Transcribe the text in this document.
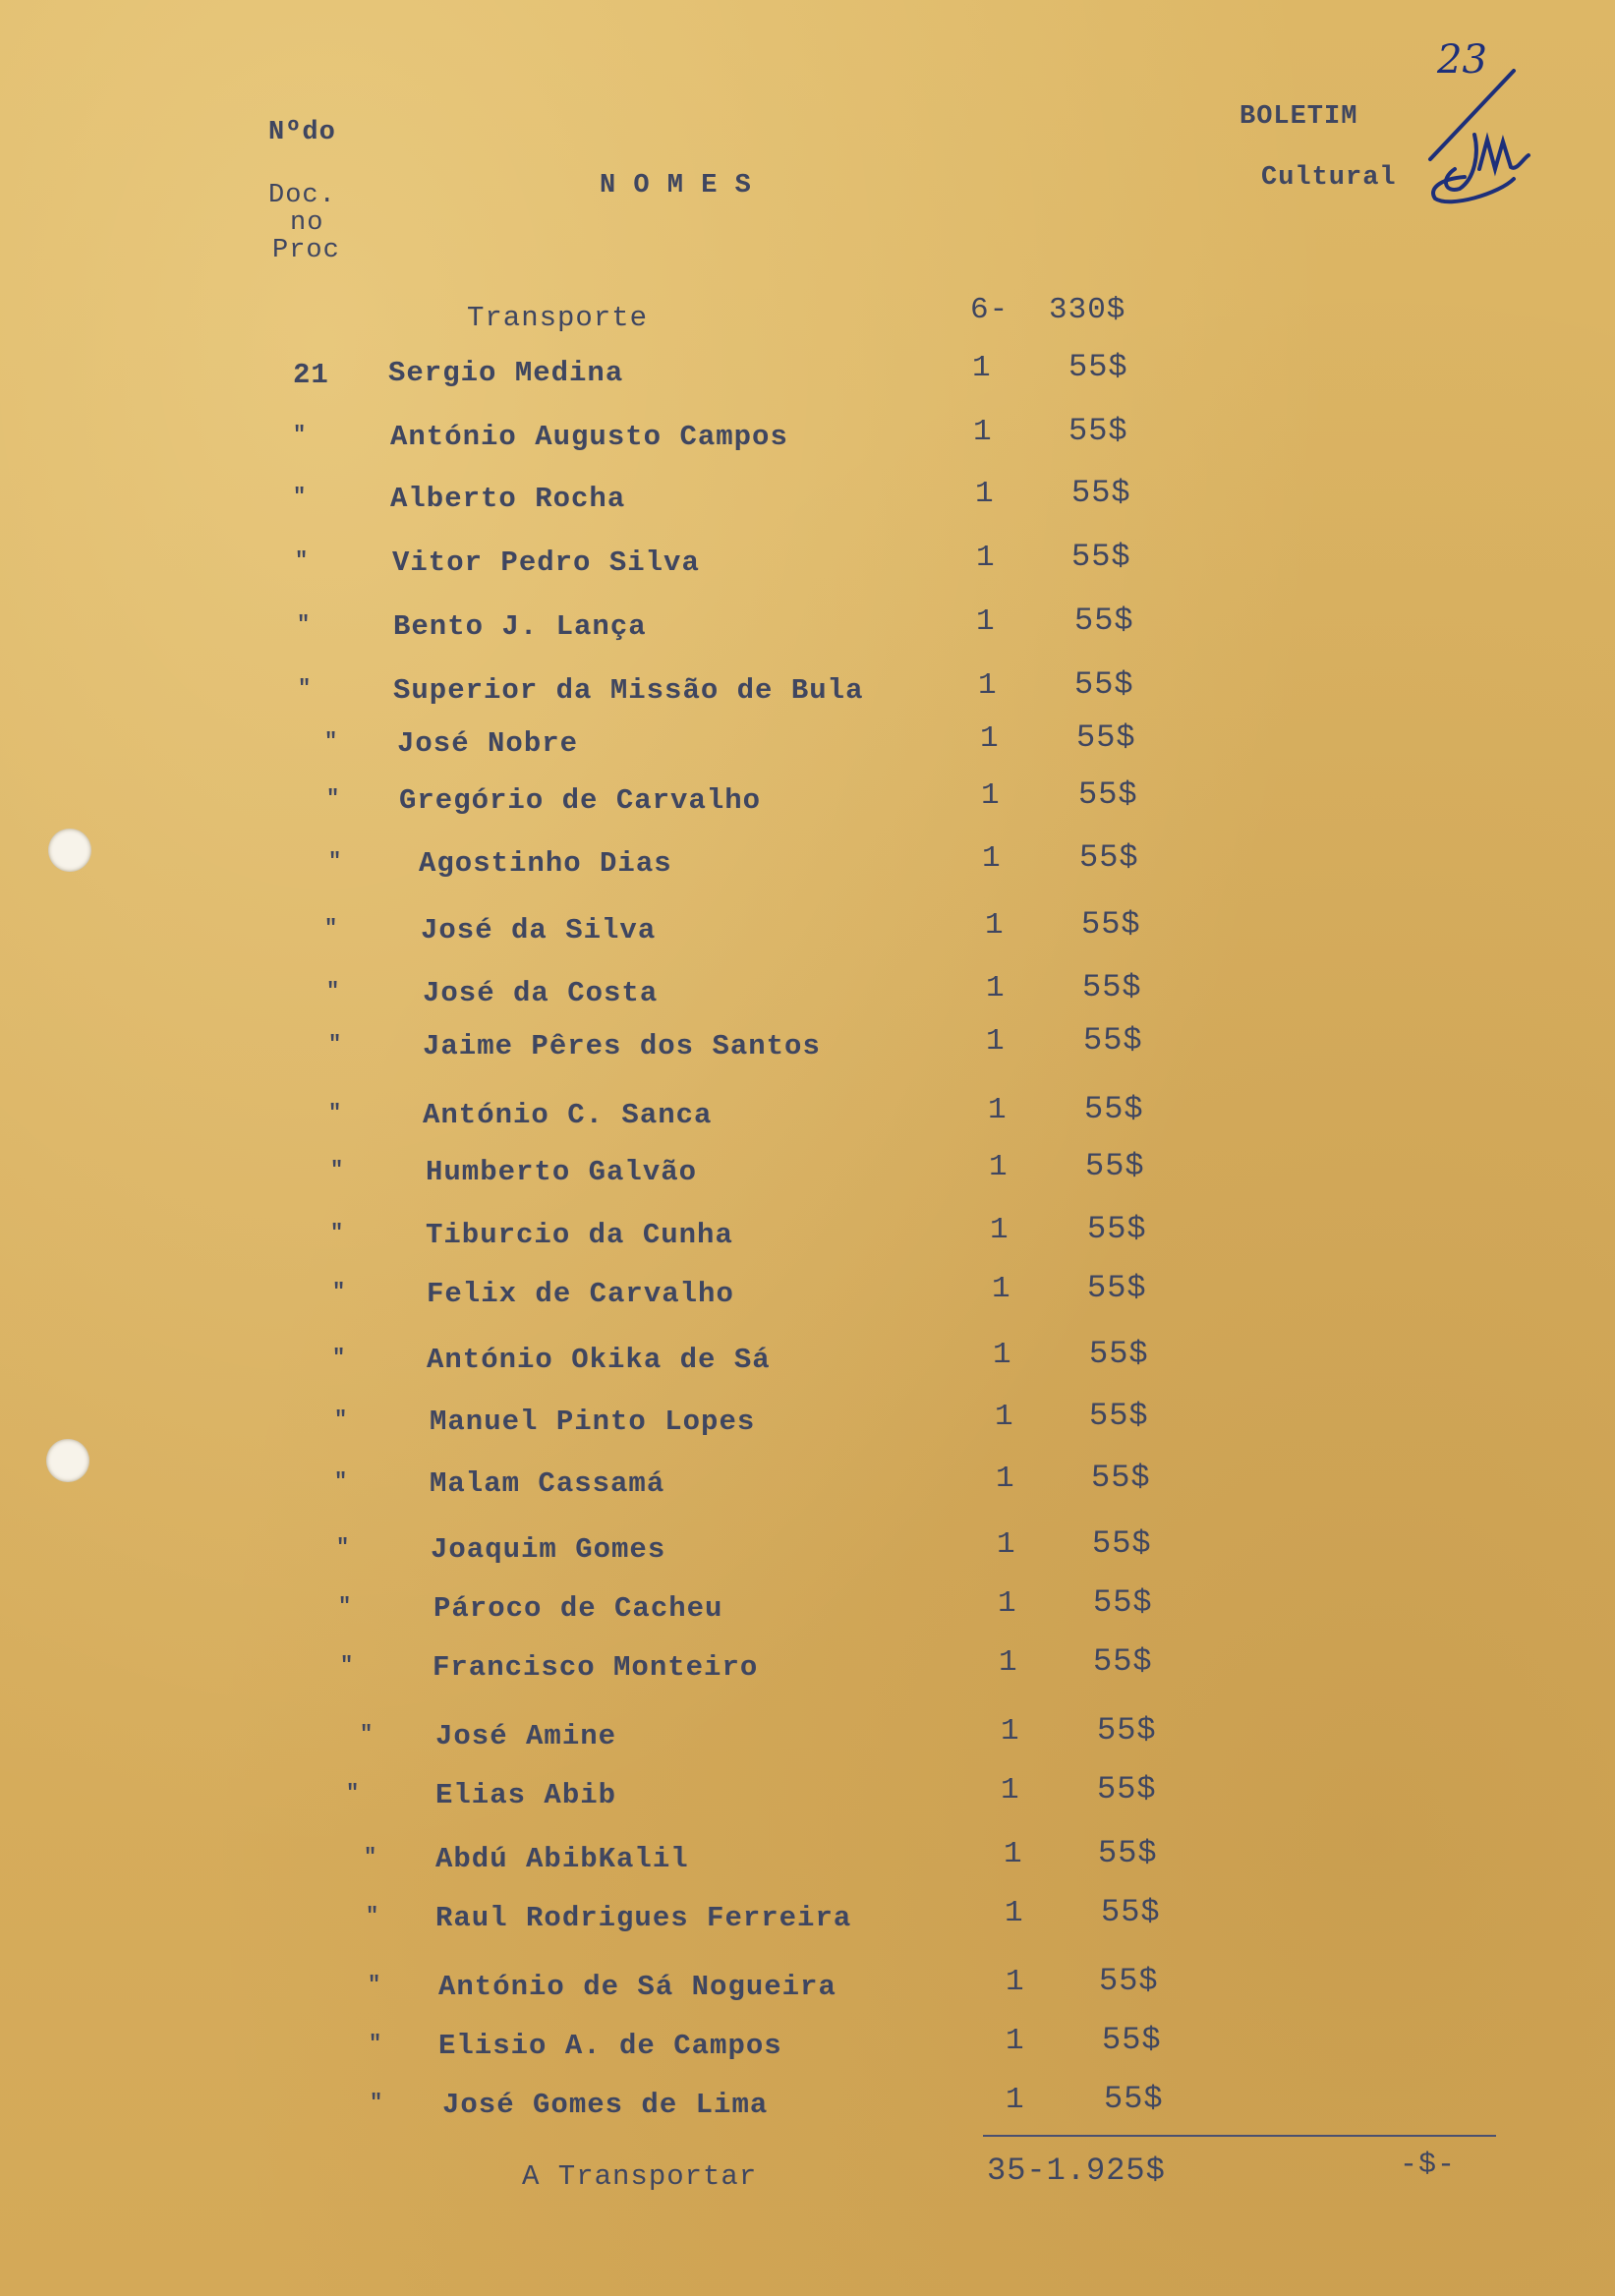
Nºdo
Doc.
no
Proc
N O M E S
BOLETIM
Cultural
23
Transporte	6- 330$
21 Sergio Medina	1 55$
"	António Augusto Campos	1 55$
"	Alberto Rocha	1 55$
"	Vitor Pedro Silva	1 55$
"	Bento J. Lança	1	55$
"	Superior da Missão de Bula	1 55$
" José Nobre	1 55$
" Gregório de Carvalho	1 55$
"	Agostinho Dias	1 55$
"	José da Silva	1 55$
"	José da Costa	1 55$
"	Jaime Pêres dos Santos	1 55$
"	António C. Sanca	1 55$
"	Humberto Galvão	1 55$
"	Tiburcio da Cunha	1 55$
"	Felix de Carvalho	1 55$
"	António Okika de Sá	1 55$
"	Manuel Pinto Lopes	1 55$
"	Malam Cassamá	1 55$
"	Joaquim Gomes	1 55$
"	Pároco de Cacheu	1 55$
"	Francisco Monteiro	1 55$
" José Amine	1 55$
"	Elias Abib	1 55$
" Abdú AbibKalil	1 55$
" Raul Rodrigues Ferreira	1 55$
" António de Sá Nogueira	1 55$
" Elisio A. de Campos	1 55$
" José Gomes de Lima	1	55$
A Transportar	35-1.925$	-$-
